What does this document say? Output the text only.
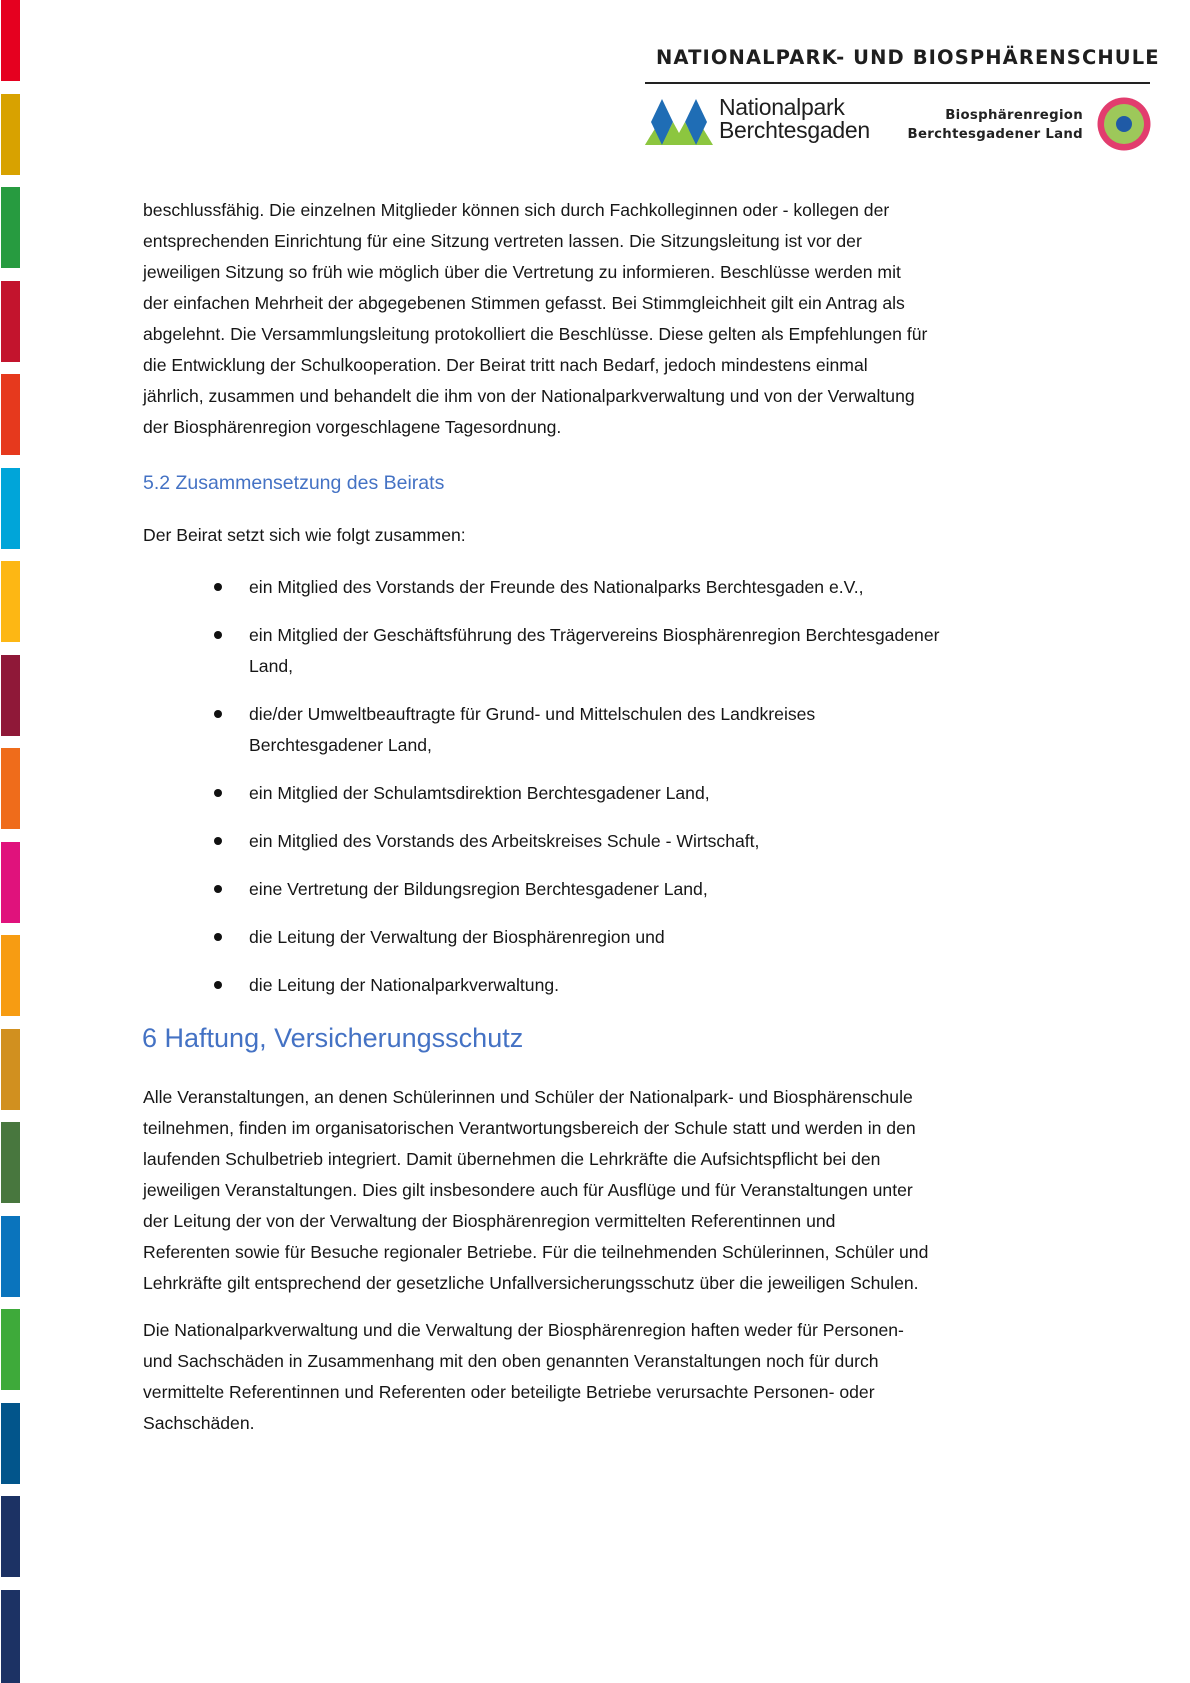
NATIONALPARK- UND BIOSPHÄRENSCHULE
Nationalpark
Berchtesgaden
Biosphärenregion
Berchtesgadener Land
beschlussfähig. Die einzelnen Mitglieder können sich durch Fachkolleginnen oder - kollegen der
entsprechenden Einrichtung für eine Sitzung vertreten lassen. Die Sitzungsleitung ist vor der
jeweiligen Sitzung so früh wie möglich über die Vertretung zu informieren. Beschlüsse werden mit
der einfachen Mehrheit der abgegebenen Stimmen gefasst. Bei Stimmgleichheit gilt ein Antrag als
abgelehnt. Die Versammlungsleitung protokolliert die Beschlüsse. Diese gelten als Empfehlungen für
die Entwicklung der Schulkooperation. Der Beirat tritt nach Bedarf, jedoch mindestens einmal
jährlich, zusammen und behandelt die ihm von der Nationalparkverwaltung und von der Verwaltung
der Biosphärenregion vorgeschlagene Tagesordnung.
5.2 Zusammensetzung des Beirats
Der Beirat setzt sich wie folgt zusammen:
ein Mitglied des Vorstands der Freunde des Nationalparks Berchtesgaden e.V.,
ein Mitglied der Geschäftsführung des Trägervereins Biosphärenregion Berchtesgadener
Land,
die/der Umweltbeauftragte für Grund- und Mittelschulen des Landkreises
Berchtesgadener Land,
ein Mitglied der Schulamtsdirektion Berchtesgadener Land,
ein Mitglied des Vorstands des Arbeitskreises Schule - Wirtschaft,
eine Vertretung der Bildungsregion Berchtesgadener Land,
die Leitung der Verwaltung der Biosphärenregion und
die Leitung der Nationalparkverwaltung.
6 Haftung, Versicherungsschutz
Alle Veranstaltungen, an denen Schülerinnen und Schüler der Nationalpark- und Biosphärenschule
teilnehmen, finden im organisatorischen Verantwortungsbereich der Schule statt und werden in den
laufenden Schulbetrieb integriert. Damit übernehmen die Lehrkräfte die Aufsichtspflicht bei den
jeweiligen Veranstaltungen. Dies gilt insbesondere auch für Ausflüge und für Veranstaltungen unter
der Leitung der von der Verwaltung der Biosphärenregion vermittelten Referentinnen und
Referenten sowie für Besuche regionaler Betriebe. Für die teilnehmenden Schülerinnen, Schüler und
Lehrkräfte gilt entsprechend der gesetzliche Unfallversicherungsschutz über die jeweiligen Schulen.
Die Nationalparkverwaltung und die Verwaltung der Biosphärenregion haften weder für Personen-
und Sachschäden in Zusammenhang mit den oben genannten Veranstaltungen noch für durch
vermittelte Referentinnen und Referenten oder beteiligte Betriebe verursachte Personen- oder
Sachschäden.
